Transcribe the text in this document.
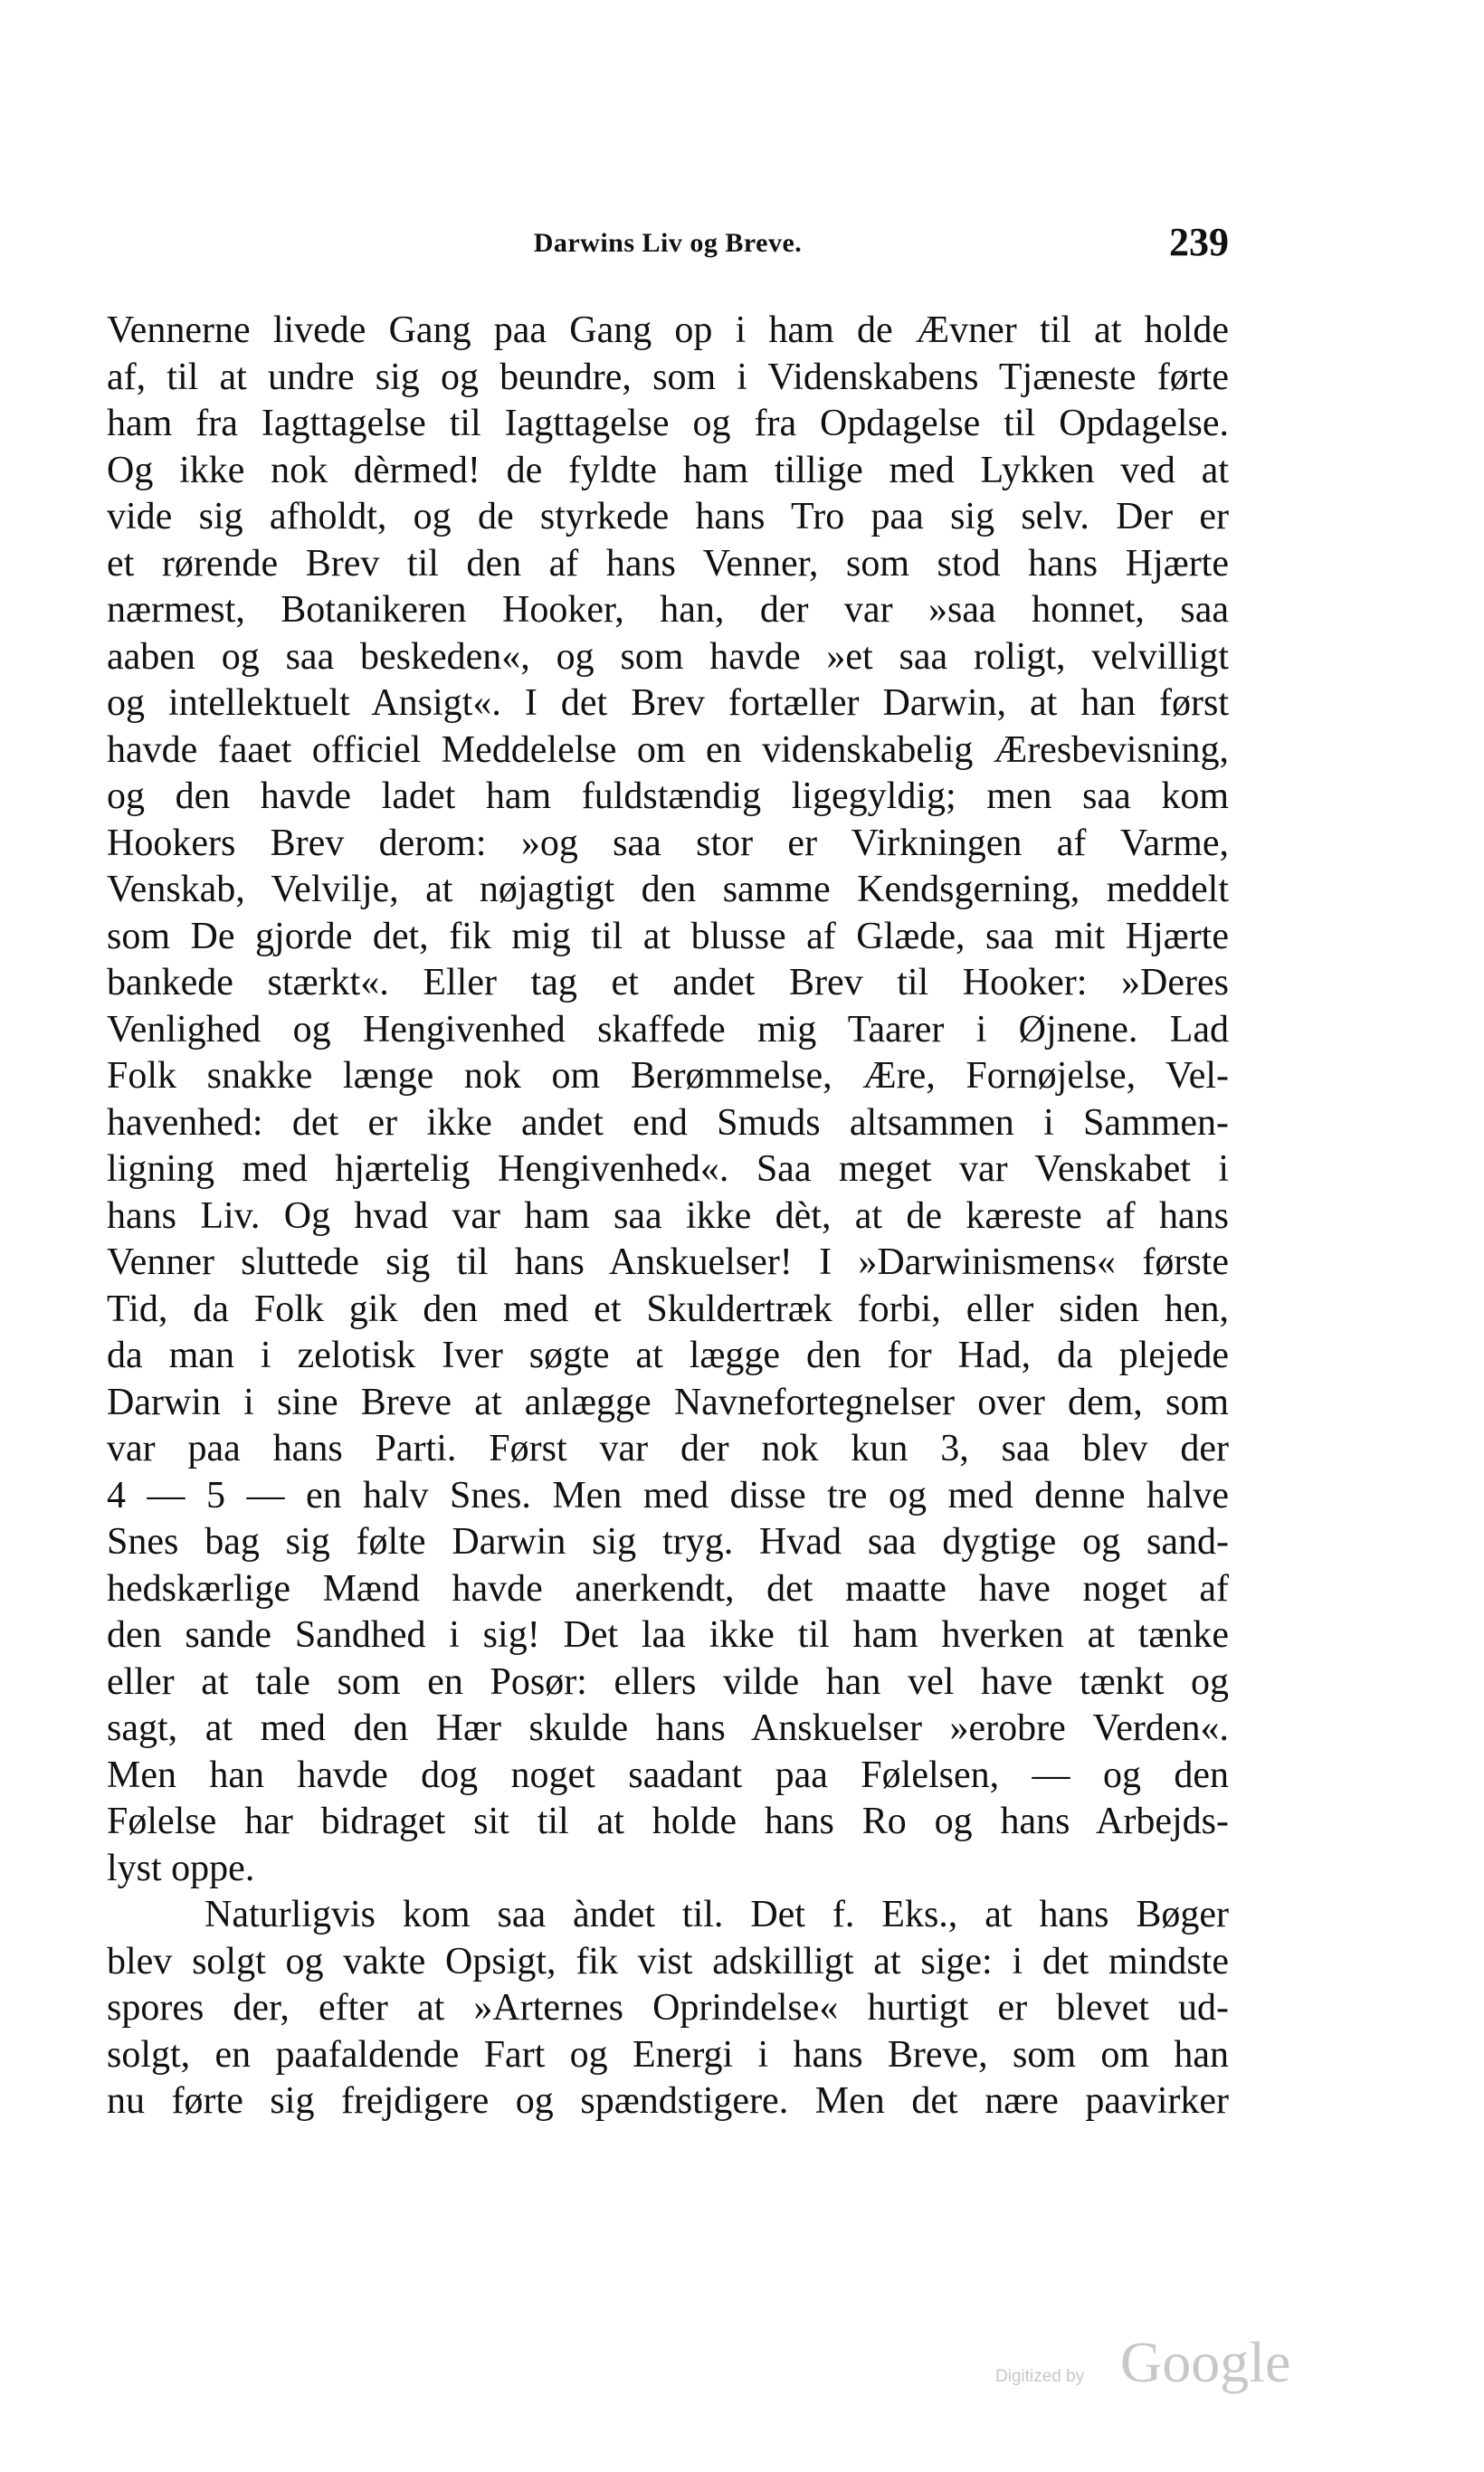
Darwins Liv og Breve.	239
Vennerne livede Gang paa Gang op i ham de Ævner til at holde
af, til at undre sig og beundre, som i Videnskabens Tjæneste førte
ham fra Iagttagelse til Iagttagelse og fra Opdagelse til Opdagelse.
Og ikke nok dèrmed! de fyldte ham tillige med Lykken ved at
vide sig afholdt, og de styrkede hans Tro paa sig selv. Der er
et rørende Brev til den af hans Venner, som stod hans Hjærte
nærmest, Botanikeren Hooker, han, der var »saa honnet, saa
aaben og saa beskeden«, og som havde »et saa roligt, velvilligt
og intellektuelt Ansigt«. I det Brev fortæller Darwin, at han først
havde faaet officiel Meddelelse om en videnskabelig Æresbevisning,
og den havde ladet ham fuldstændig ligegyldig; men saa kom
Hookers Brev derom: »og saa stor er Virkningen af Varme,
Venskab, Velvilje, at nøjagtigt den samme Kendsgerning, meddelt
som De gjorde det, fik mig til at blusse af Glæde, saa mit Hjærte
bankede stærkt«. Eller tag et andet Brev til Hooker: »Deres
Venlighed og Hengivenhed skaffede mig Taarer i Øjnene. Lad
Folk snakke længe nok om Berømmelse, Ære, Fornøjelse, Vel-
havenhed: det er ikke andet end Smuds altsammen i Sammen-
ligning med hjærtelig Hengivenhed«. Saa meget var Venskabet i
hans Liv. Og hvad var ham saa ikke dèt, at de kæreste af hans
Venner sluttede sig til hans Anskuelser! I »Darwinismens« første
Tid, da Folk gik den med et Skuldertræk forbi, eller siden hen,
da man i zelotisk Iver søgte at lægge den for Had, da plejede
Darwin i sine Breve at anlægge Navnefortegnelser over dem, som
var paa hans Parti. Først var der nok kun 3, saa blev der
4 — 5 — en halv Snes. Men med disse tre og med denne halve
Snes bag sig følte Darwin sig tryg. Hvad saa dygtige og sand-
hedskærlige Mænd havde anerkendt, det maatte have noget af
den sande Sandhed i sig! Det laa ikke til ham hverken at tænke
eller at tale som en Posør: ellers vilde han vel have tænkt og
sagt, at med den Hær skulde hans Anskuelser »erobre Verden«.
Men han havde dog noget saadant paa Følelsen, — og den
Følelse har bidraget sit til at holde hans Ro og hans Arbejds-
lyst oppe.
Naturligvis kom saa àndet til. Det f. Eks., at hans Bøger
blev solgt og vakte Opsigt, fik vist adskilligt at sige: i det mindste
spores der, efter at »Arternes Oprindelse« hurtigt er blevet ud-
solgt, en paafaldende Fart og Energi i hans Breve, som om han
nu førte sig frejdigere og spændstigere. Men det nære paavirker
Digitized by Google
